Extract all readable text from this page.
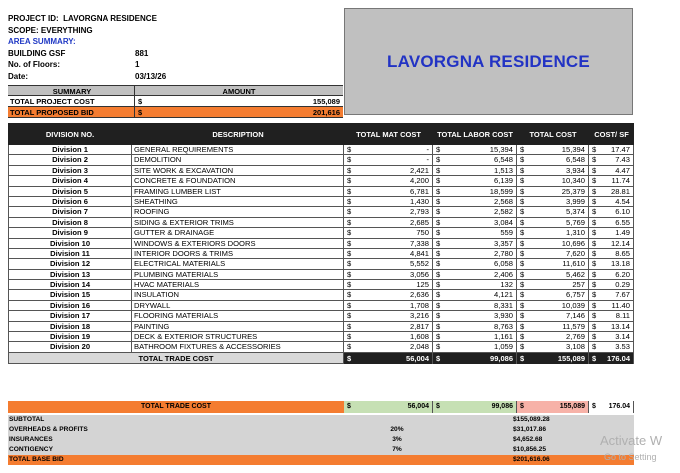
PROJECT ID:
LAVORGNA RESIDENCE
SCOPE:
EVERYTHING
AREA SUMMARY:
BUILDING GSF	881
No. of Floors:	1
Date:	03/13/26
LAVORGNA RESIDENCE
SUMMARY	AMOUNT
TOTAL PROJECT COST	$	155,089
TOTAL PROPOSED BID	$	201,616
DIVISION NO.	DESCRIPTION	TOTAL MAT COST	TOTAL LABOR COST	TOTAL COST	COST/ SF
Division 1	GENERAL REQUIREMENTS	$	- $	15,394 $	15,394 $ 17.47
Division 2	DEMOLITION	$	- $	6,548 $	6,548 $ 7.43
Division 3	SITE WORK & EXCAVATION	$	2,421 $	1,513 $	3,934 $ 4.47
Division 4	CONCRETE & FOUNDATION	$	4,200 $	6,139 $	10,340 $ 11.74
Division 5	FRAMING LUMBER LIST	$	6,781 $	18,599 $	25,379 $ 28.81
Division 6	SHEATHING	$	1,430 $	2,568 $	3,999 $ 4.54
Division 7	ROOFING	$	2,793 $	2,582 $	5,374 $ 6.10
Division 8	SIDING & EXTERIOR TRIMS	$	2,685 $	3,084 $	5,769 $ 6.55
Division 9	GUTTER & DRAINAGE	$	750 $	559 $	1,310 $ 1.49
Division 10	WINDOWS & EXTERIORS DOORS	$	7,338 $	3,357 $	10,696 $ 12.14
Division 11	INTERIOR DOORS & TRIMS	$	4,841 $	2,780 $	7,620 $ 8.65
Division 12	ELECTRICAL MATERIALS	$	5,552 $	6,058 $	11,610 $ 13.18
Division 13	PLUMBING MATERIALS	$	3,056 $	2,406 $	5,462 $ 6.20
Division 14	HVAC MATERIALS	$	125 $	132 $	257 $ 0.29
Division 15	INSULATION	$	2,636 $	4,121 $	6,757 $ 7.67
Division 16	DRYWALL	$	1,708 $	8,331 $	10,039 $ 11.40
Division 17	FLOORING MATERIALS	$	3,216 $	3,930 $	7,146 $	8.11
Division 18	PAINTING	$	2,817 $	8,763 $	11,579 $ 13.14
Division 19	DECK & EXTERIOR STRUCTURES	$	1,608 $	1,161 $	2,769 $ 3.14
Division 20	BATHROOM FIXTURES & ACCESSORIES	$	2,048 $	1,059 $	3,108 $ 3.53
TOTAL TRADE COST	$	56,004 $	99,086 $	155,089 $ 176.04
TOTAL TRADE COST	$	56,004 $	99,086 $	155,089 $ 176.04
SUBTOTAL	$155,089.28
OVERHEADS & PROFITS	20%	$31,017.86
INSURANCES	3%	$4,652.68
CONTIGENCY	7%	$10,856.25
TOTAL BASE BID	$201,616.06
Activate W
Go to Setting
